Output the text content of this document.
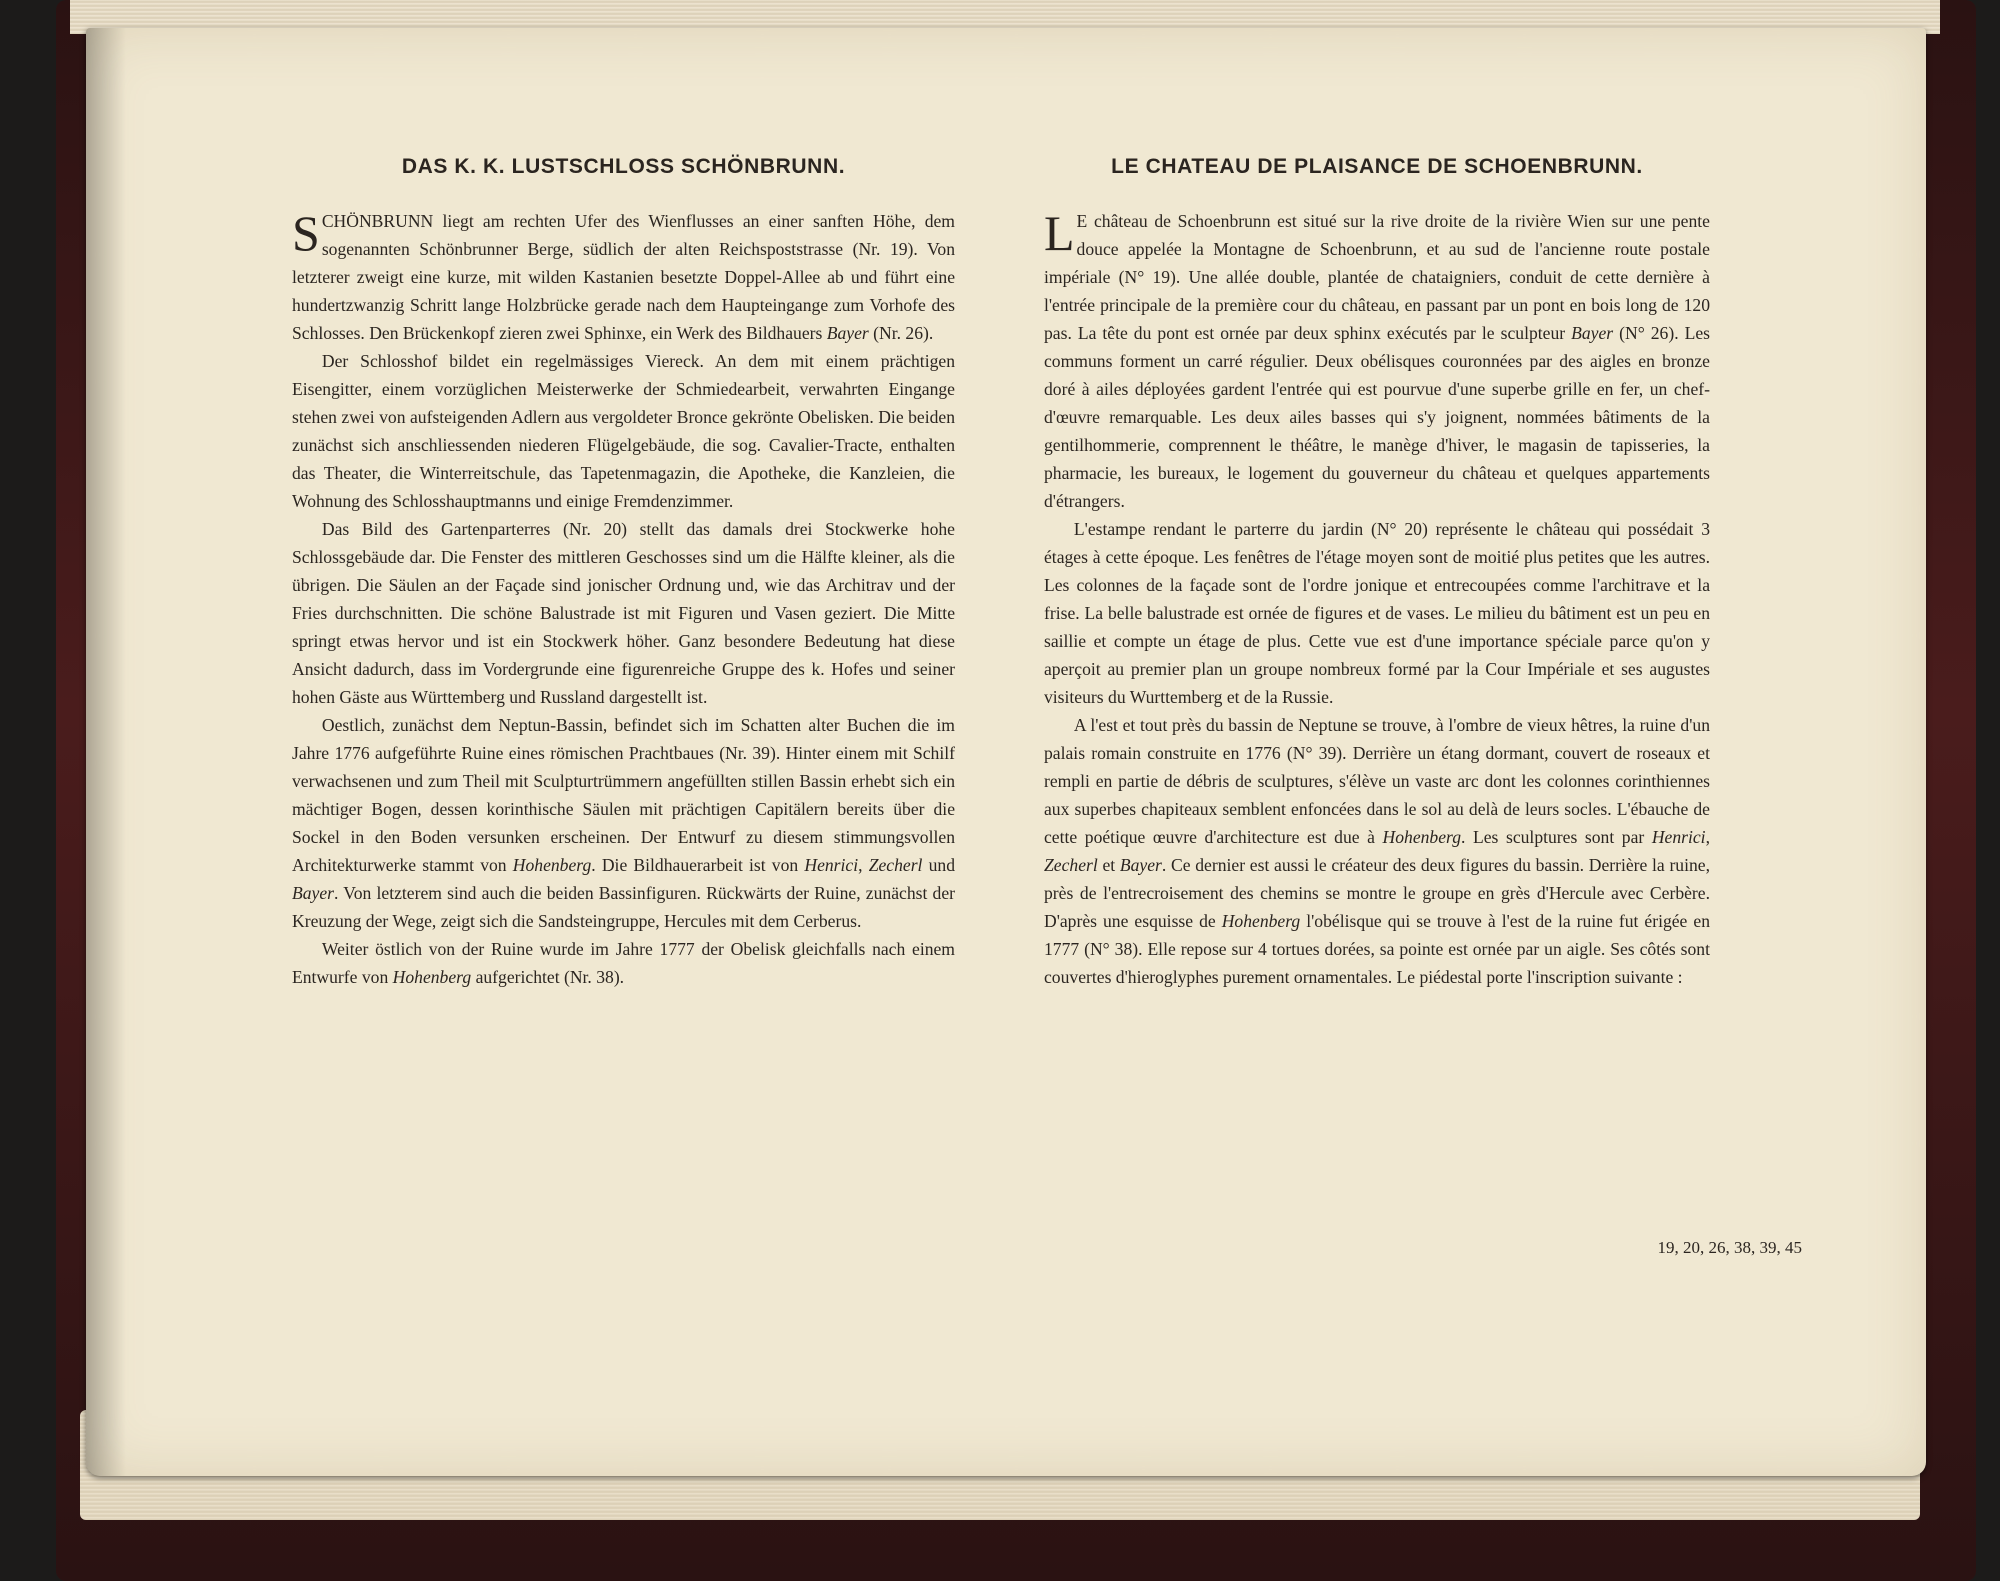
DAS K. K. LUSTSCHLOSS SCHÖNBRUNN.

SCHÖNBRUNN liegt am rechten Ufer des Wienflusses an einer sanften Höhe, dem sogenannten Schönbrunner Berge, südlich der alten Reichspoststrasse (Nr. 19). Von letzterer zweigt eine kurze, mit wilden Kastanien besetzte Doppel-Allee ab und führt eine hundertzwanzig Schritt lange Holzbrücke gerade nach dem Haupteingange zum Vorhofe des Schlosses. Den Brückenkopf zieren zwei Sphinxe, ein Werk des Bildhauers Bayer (Nr. 26).

Der Schlosshof bildet ein regelmässiges Viereck. An dem mit einem prächtigen Eisengitter, einem vorzüglichen Meisterwerke der Schmiedearbeit, verwahrten Eingange stehen zwei von aufsteigenden Adlern aus vergoldeter Bronce gekrönte Obelisken. Die beiden zunächst sich anschliessenden niederen Flügelgebäude, die sog. Cavalier-Tracte, enthalten das Theater, die Winterreitschule, das Tapetenmagazin, die Apotheke, die Kanzleien, die Wohnung des Schlosshauptmanns und einige Fremdenzimmer.

Das Bild des Gartenparterres (Nr. 20) stellt das damals drei Stockwerke hohe Schlossgebäude dar. Die Fenster des mittleren Geschosses sind um die Hälfte kleiner, als die übrigen. Die Säulen an der Façade sind jonischer Ordnung und, wie das Architrav und der Fries durchschnitten. Die schöne Balustrade ist mit Figuren und Vasen geziert. Die Mitte springt etwas hervor und ist ein Stockwerk höher. Ganz besondere Bedeutung hat diese Ansicht dadurch, dass im Vordergrunde eine figurenreiche Gruppe des k. Hofes und seiner hohen Gäste aus Württemberg und Russland dargestellt ist.

Oestlich, zunächst dem Neptun-Bassin, befindet sich im Schatten alter Buchen die im Jahre 1776 aufgeführte Ruine eines römischen Prachtbaues (Nr. 39). Hinter einem mit Schilf verwachsenen und zum Theil mit Sculpturtrümmern angefüllten stillen Bassin erhebt sich ein mächtiger Bogen, dessen korinthische Säulen mit prächtigen Capitälern bereits über die Sockel in den Boden versunken erscheinen. Der Entwurf zu diesem stimmungsvollen Architekturwerke stammt von Hohenberg. Die Bildhauerarbeit ist von Henrici, Zecherl und Bayer. Von letzterem sind auch die beiden Bassinfiguren. Rückwärts der Ruine, zunächst der Kreuzung der Wege, zeigt sich die Sandsteingruppe, Hercules mit dem Cerberus.

Weiter östlich von der Ruine wurde im Jahre 1777 der Obelisk gleichfalls nach einem Entwurfe von Hohenberg aufgerichtet (Nr. 38).

LE CHATEAU DE PLAISANCE DE SCHOENBRUNN.

L E château de Schoenbrunn est situé sur la rive droite de la rivière Wien sur une pente douce appelée la Montagne de Schoenbrunn, et au sud de l'ancienne route postale impériale (N° 19). Une allée double, plantée de chataigniers, conduit de cette dernière à l'entrée principale de la première cour du château, en passant par un pont en bois long de 120 pas. La tête du pont est ornée par deux sphinx exécutés par le sculpteur Bayer (N° 26). Les communs forment un carré régulier. Deux obélisques couronnées par des aigles en bronze doré à ailes déployées gardent l'entrée qui est pourvue d'une superbe grille en fer, un chef-d'œuvre remarquable. Les deux ailes basses qui s'y joignent, nommées bâtiments de la gentilhommerie, comprennent le théâtre, le manège d'hiver, le magasin de tapisseries, la pharmacie, les bureaux, le logement du gouverneur du château et quelques appartements d'étrangers.

L'estampe rendant le parterre du jardin (N° 20) représente le château qui possédait 3 étages à cette époque. Les fenêtres de l'étage moyen sont de moitié plus petites que les autres. Les colonnes de la façade sont de l'ordre jonique et entrecoupées comme l'architrave et la frise. La belle balustrade est ornée de figures et de vases. Le milieu du bâtiment est un peu en saillie et compte un étage de plus. Cette vue est d'une importance spéciale parce qu'on y aperçoit au premier plan un groupe nombreux formé par la Cour Impériale et ses augustes visiteurs du Wurttemberg et de la Russie.

A l'est et tout près du bassin de Neptune se trouve, à l'ombre de vieux hêtres, la ruine d'un palais romain construite en 1776 (N° 39). Derrière un étang dormant, couvert de roseaux et rempli en partie de débris de sculptures, s'élève un vaste arc dont les colonnes corinthiennes aux superbes chapiteaux semblent enfoncées dans le sol au delà de leurs socles. L'ébauche de cette poétique œuvre d'architecture est due à Hohenberg. Les sculptures sont par Henrici, Zecherl et Bayer. Ce dernier est aussi le créateur des deux figures du bassin. Derrière la ruine, près de l'entrecroisement des chemins se montre le groupe en grès d'Hercule avec Cerbère. D'après une esquisse de Hohenberg l'obélisque qui se trouve à l'est de la ruine fut érigée en 1777 (N° 38). Elle repose sur 4 tortues dorées, sa pointe est ornée par un aigle. Ses côtés sont couvertes d'hieroglyphes purement ornamentales. Le piédestal porte l'inscription suivante :

19, 20, 26, 38, 39, 45
